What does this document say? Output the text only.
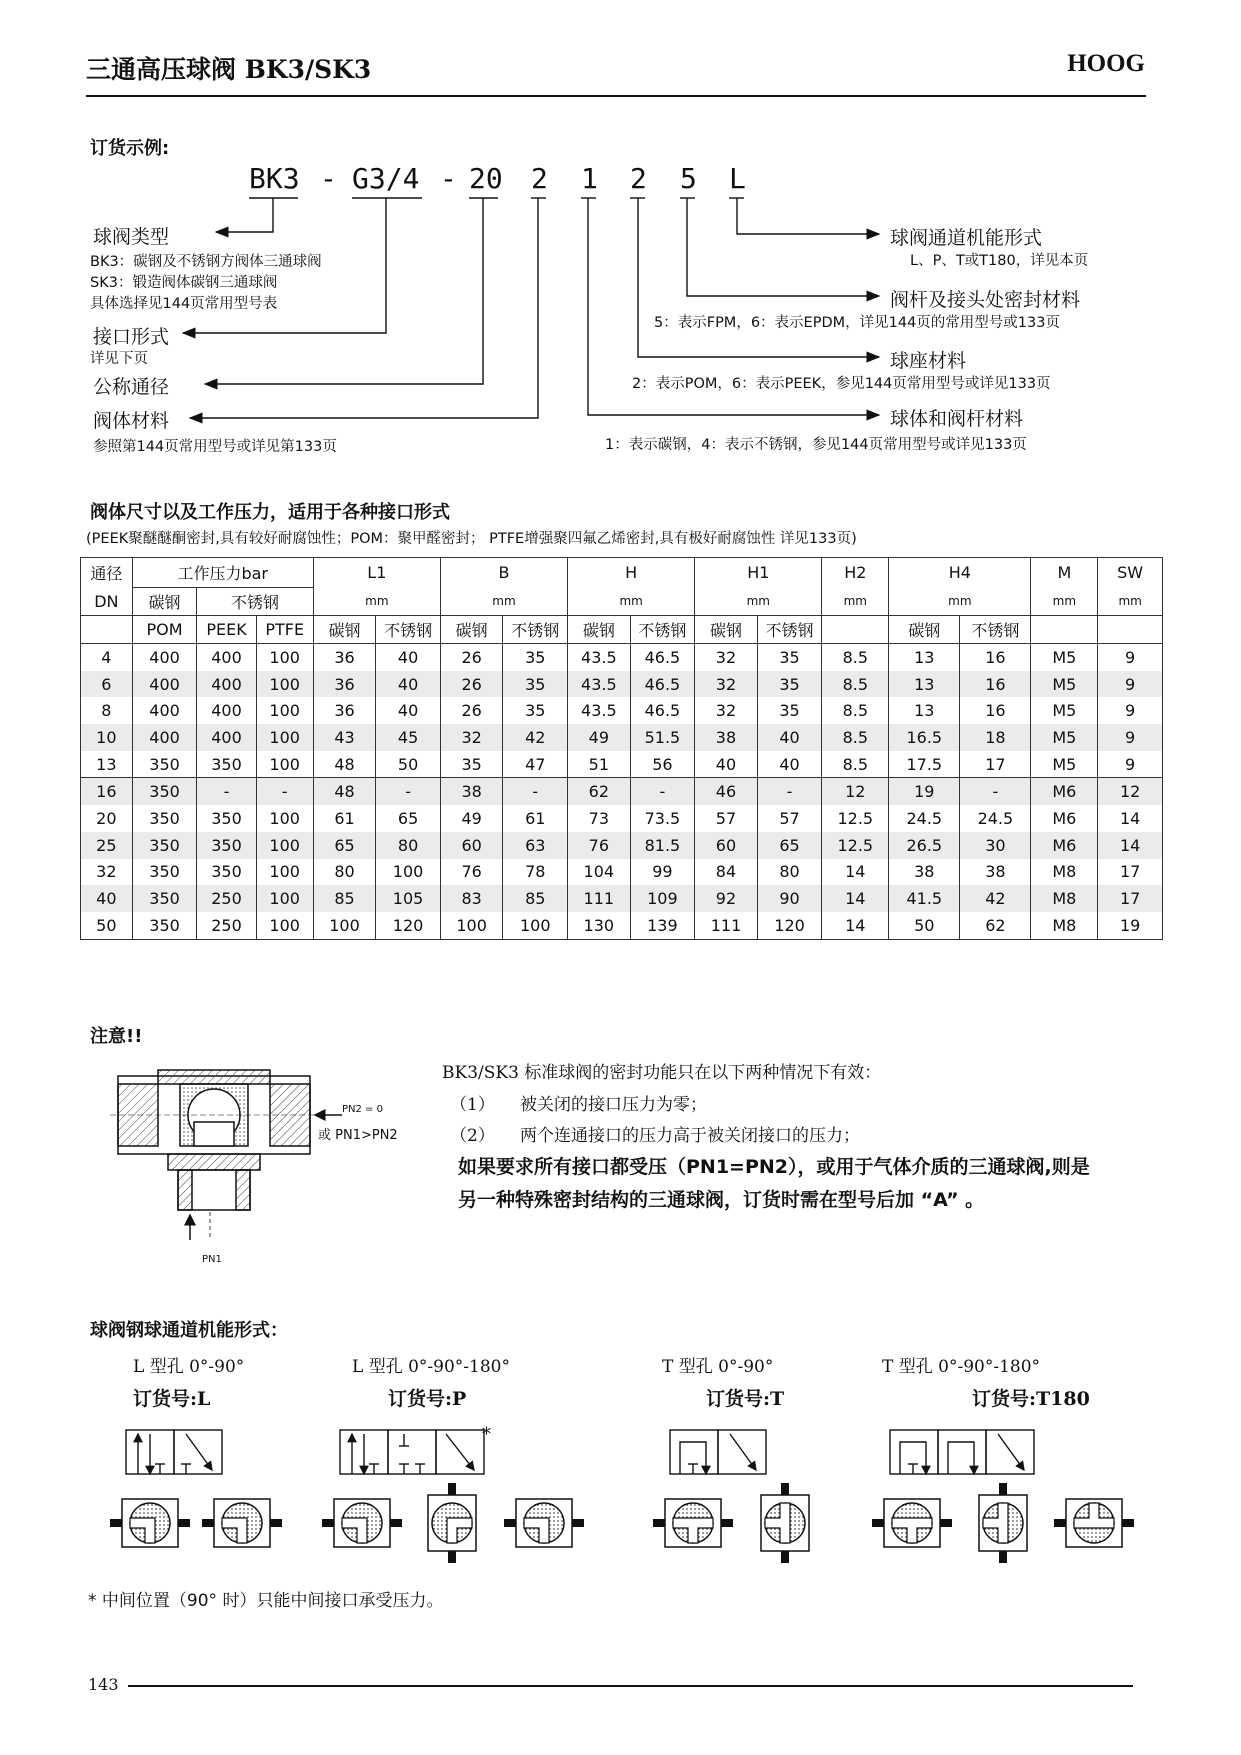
三通高压球阀 BK3/SK3	HOOG
订货示例:
BK3 - G3/4 - 20 2 1 2 5 L
球阀类型
BK3：碳钢及不锈钢方阀体三通球阀
SK3：锻造阀体碳钢三通球阀
具体选择见144页常用型号表
接口形式
详见下页
公称通径
阀体材料
参照第144页常用型号或详见第133页
球阀通道机能形式
L、P、T或T180，详见本页
阀杆及接头处密封材料
5：表示FPM，6：表示EPDM，详见144页的常用型号或133页
球座材料
2：表示POM，6：表示PEEK，参见144页常用型号或详见133页
球体和阀杆材料
1：表示碳钢，4：表示不锈钢，参见144页常用型号或详见133页
阀体尺寸以及工作压力，适用于各种接口形式
(PEEK聚醚醚酮密封,具有较好耐腐蚀性；POM：聚甲醛密封； PTFE增强聚四氟乙烯密封,具有极好耐腐蚀性 详见133页)
通径	工作压力bar			L1		B		H		H1		H2	H4		M	SW
DN	碳钢	不锈钢		mm		mm		mm		mm		mm	mm		mm	mm
	POM	PEEK	PTFE	碳钢	不锈钢	碳钢	不锈钢	碳钢	不锈钢	碳钢	不锈钢		碳钢	不锈钢		
4	400	400	100	36	40	26	35	43.5	46.5	32	35	8.5	13	16	M5	9
6	400	400	100	36	40	26	35	43.5	46.5	32	35	8.5	13	16	M5	9
8	400	400	100	36	40	26	35	43.5	46.5	32	35	8.5	13	16	M5	9
10	400	400	100	43	45	32	42	49	51.5	38	40	8.5	16.5	18	M5	9
13	350	350	100	48	50	35	47	51	56	40	40	8.5	17.5	17	M5	9
16	350	-	-	48	-	38	-	62	-	46	-	12	19	-	M6	12
20	350	350	100	61	65	49	61	73	73.5	57	57	12.5	24.5	24.5	M6	14
25	350	350	100	65	80	60	63	76	81.5	60	65	12.5	26.5	30	M6	14
32	350	350	100	80	100	76	78	104	99	84	80	14	38	38	M8	17
40	350	250	100	85	105	83	85	111	109	92	90	14	41.5	42	M8	17
50	350	250	100	100	120	100	100	130	139	111	120	14	50	62	M8	19
注意!!
PN2 = 0
或 PN1>PN2
PN1
BK3/SK3 标准球阀的密封功能只在以下两种情况下有效：
（1） 被关闭的接口压力为零；
（2） 两个连通接口的压力高于被关闭接口的压力；
如果要求所有接口都受压（PN1=PN2），或用于气体介质的三通球阀,则是
另一种特殊密封结构的三通球阀，订货时需在型号后加 “A” 。
球阀钢球通道机能形式：
L 型孔 0°-90°
订货号:L
L 型孔 0°-90°-180°
订货号:P
T 型孔 0°-90°
订货号:T
T 型孔 0°-90°-180°
订货号:T180
*
* 中间位置（90° 时）只能中间接口承受压力。
143
